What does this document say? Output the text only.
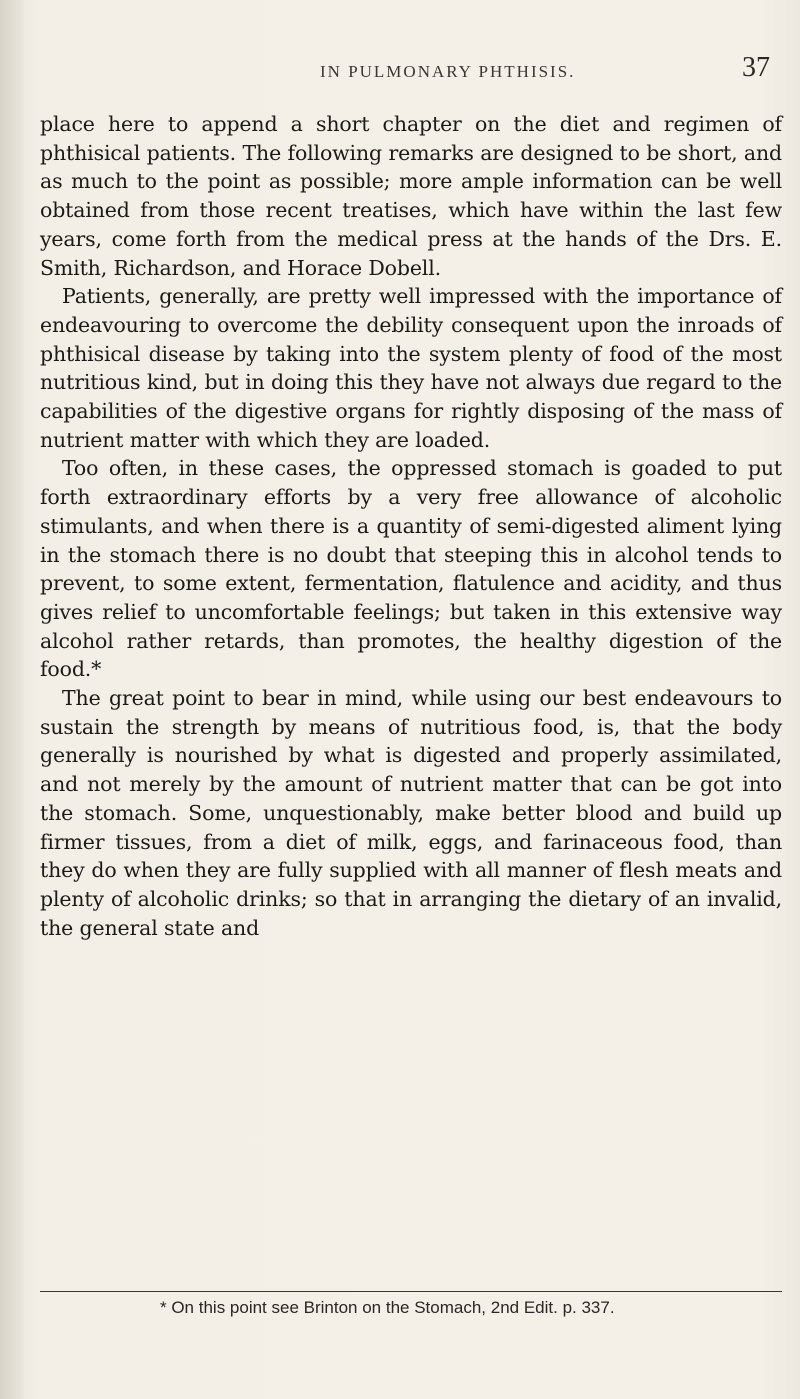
IN PULMONARY PHTHISIS.	37

place here to append a short chapter on the diet and regimen of phthisical patients. The following remarks are designed to be short, and as much to the point as possible; more ample information can be well obtained from those recent treatises, which have within the last few years, come forth from the medical press at the hands of the Drs. E. Smith, Richardson, and Horace Dobell.

Patients, generally, are pretty well impressed with the importance of endeavouring to overcome the debility consequent upon the inroads of phthisical disease by taking into the system plenty of food of the most nutritious kind, but in doing this they have not always due regard to the capabilities of the digestive organs for rightly disposing of the mass of nutrient matter with which they are loaded.

Too often, in these cases, the oppressed stomach is goaded to put forth extraordinary efforts by a very free allowance of alcoholic stimulants, and when there is a quantity of semi-digested aliment lying in the stomach there is no doubt that steeping this in alcohol tends to prevent, to some extent, fermentation, flatulence and acidity, and thus gives relief to uncomfortable feelings; but taken in this extensive way alcohol rather retards, than promotes, the healthy digestion of the food.*

The great point to bear in mind, while using our best endeavours to sustain the strength by means of nutritious food, is, that the body generally is nourished by what is digested and properly assimilated, and not merely by the amount of nutrient matter that can be got into the stomach. Some, unquestionably, make better blood and build up firmer tissues, from a diet of milk, eggs, and farinaceous food, than they do when they are fully supplied with all manner of flesh meats and plenty of alcoholic drinks; so that in arranging the dietary of an invalid, the general state and

* On this point see Brinton on the Stomach, 2nd Edit. p. 337.
